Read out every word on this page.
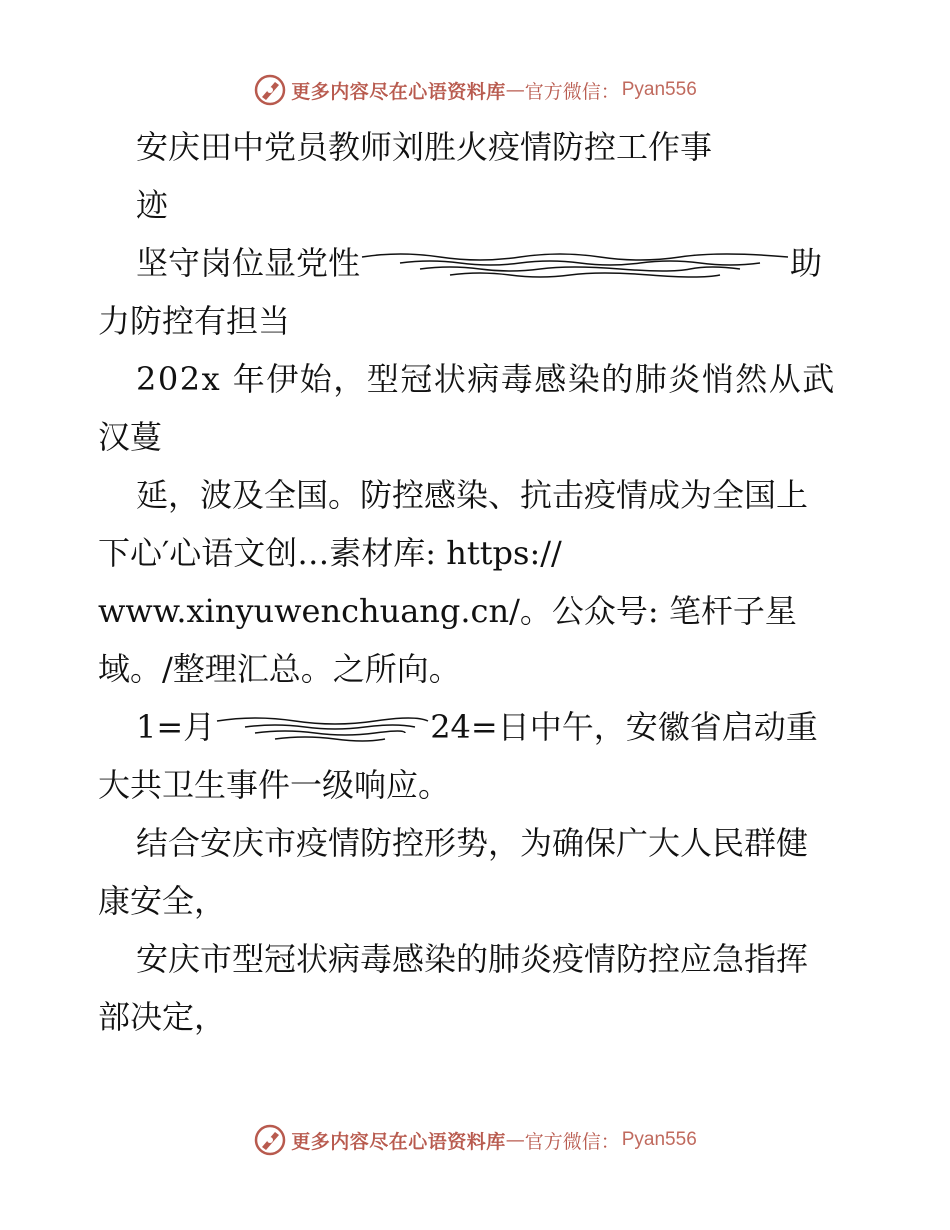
更多内容尽在心语资料库 — 官方微信： Pyan556
安庆田中党员教师刘胜火疫情防控工作事
迹
坚守岗位显党性	助
力防控有担当
202x 年伊始，型冠状病毒感染的肺炎悄然从武
汉蔓
延，波及全国。防控感染、抗击疫情成为全国上
下心′心语文创…素材库: https://
www.xinyuwenchuang.cn/。公众号: 笔杆子星
域。/整理汇总。之所向。
1=月	24=日中午，安徽省启动重
大共卫生事件一级响应。
结合安庆市疫情防控形势，为确保广大人民群健
康安全，
安庆市型冠状病毒感染的肺炎疫情防控应急指挥
部决定，
更多内容尽在心语资料库 — 官方微信： Pyan556
